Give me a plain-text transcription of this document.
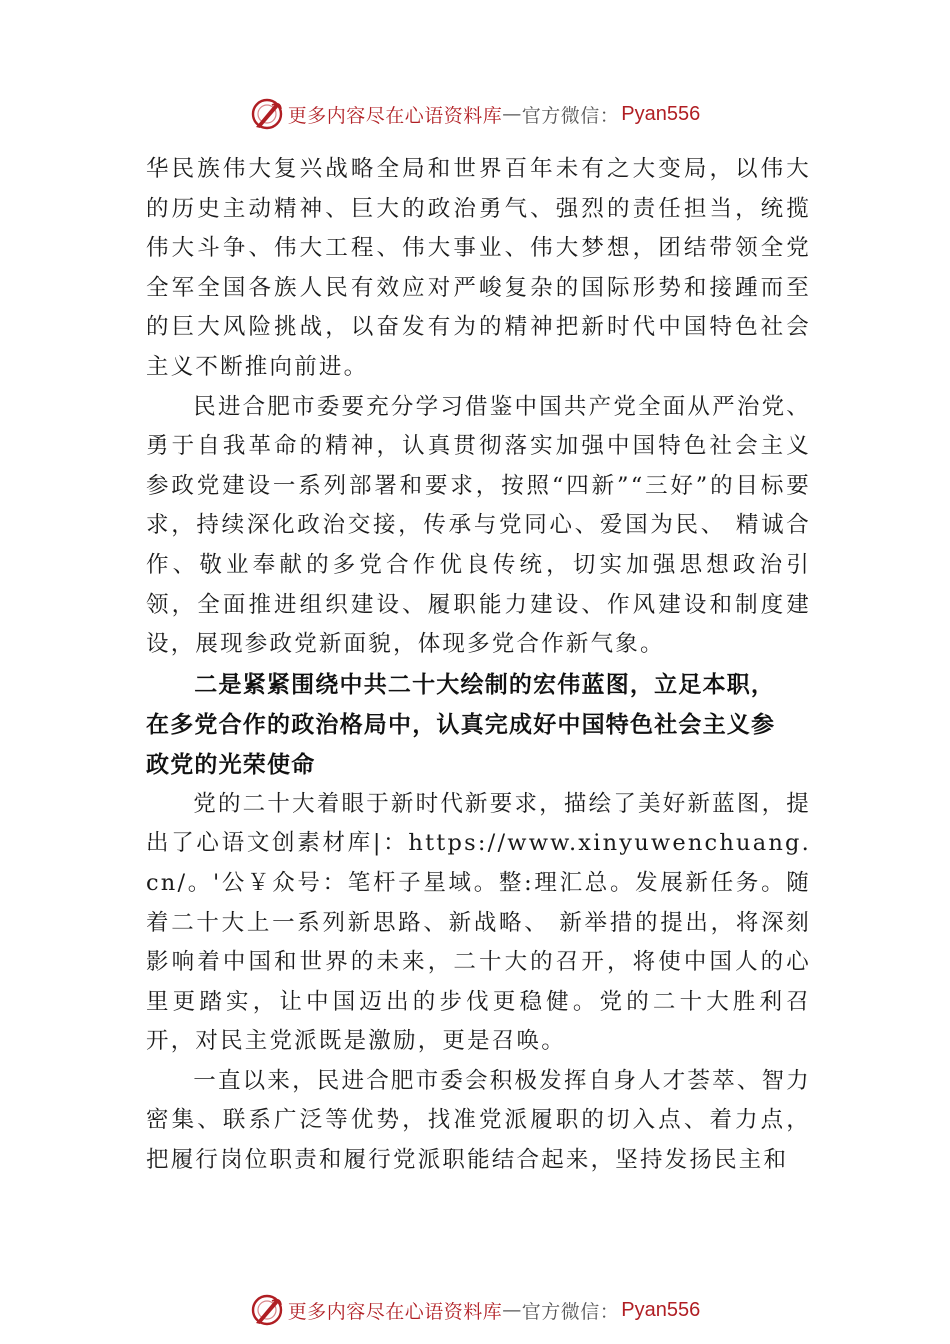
更多内容尽在心语资料库 — 官方微信： Pyan556

华民族伟大复兴战略全局和世界百年未有之大变局，以伟大的历史主动精神、巨大的政治勇气、强烈的责任担当，统揽伟大斗争、伟大工程、伟大事业、伟大梦想，团结带领全党全军全国各族人民有效应对严峻复杂的国际形势和接踵而至的巨大风险挑战，以奋发有为的精神把新时代中国特色社会主义不断推向前进。

民进合肥市委要充分学习借鉴中国共产党全面从严治党、勇于自我革命的精神，认真贯彻落实加强中国特色社会主义参政党建设一系列部署和要求，按照“四新”“三好”的目标要求，持续深化政治交接，传承与党同心、爱国为民、 精诚合作、敬业奉献的多党合作优良传统，切实加强思想政治引领，全面推进组织建设、履职能力建设、作风建设和制度建设，展现参政党新面貌，体现多党合作新气象。

二是紧紧围绕中共二十大绘制的宏伟蓝图，立足本职，在多党合作的政治格局中，认真完成好中国特色社会主义参政党的光荣使命

党的二十大着眼于新时代新要求，描绘了美好新蓝图，提出了心语文创素材库|：https://www.xinyuwenchuang.cn/。'公￥众号：笔杆子星域。整:理汇总。发展新任务。随着二十大上一系列新思路、新战略、 新举措的提出，将深刻影响着中国和世界的未来，二十大的召开，将使中国人的心里更踏实，让中国迈出的步伐更稳健。党的二十大胜利召开，对民主党派既是激励，更是召唤。

一直以来，民进合肥市委会积极发挥自身人才荟萃、智力密集、联系广泛等优势，找准党派履职的切入点、着力点，把履行岗位职责和履行党派职能结合起来，坚持发扬民主和

更多内容尽在心语资料库 — 官方微信： Pyan556
